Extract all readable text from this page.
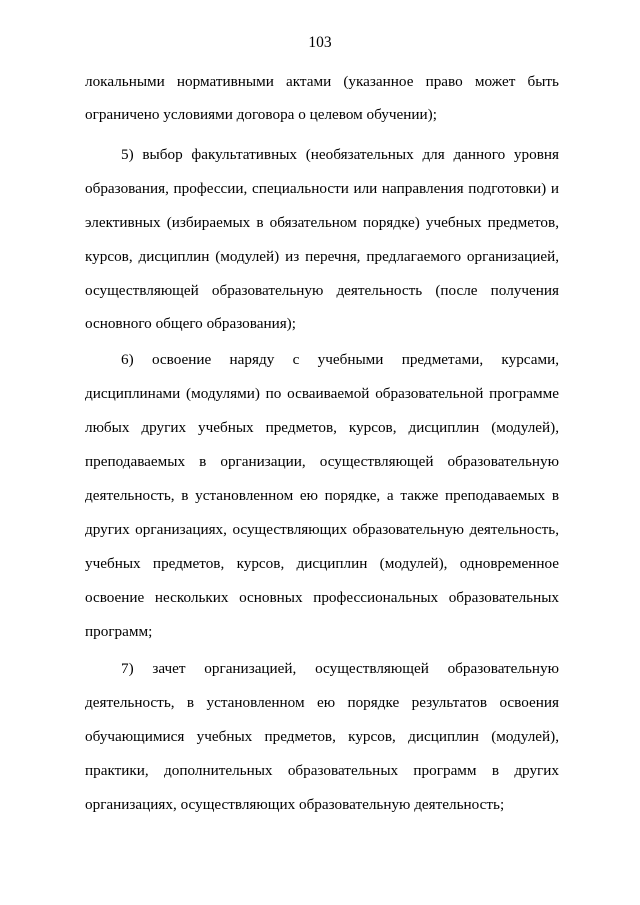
103
локальными нормативными актами (указанное право может быть
ограничено условиями договора о целевом обучении);
5) выбор факультативных (необязательных для данного уровня
образования, профессии, специальности или направления подготовки) и
элективных (избираемых в обязательном порядке) учебных предметов,
курсов, дисциплин (модулей) из перечня, предлагаемого организацией,
осуществляющей образовательную деятельность (после получения
основного общего образования);
6) освоение наряду с учебными предметами, курсами,
дисциплинами (модулями) по осваиваемой образовательной программе
любых других учебных предметов, курсов, дисциплин (модулей),
преподаваемых в организации, осуществляющей образовательную
деятельность, в установленном ею порядке, а также преподаваемых в
других организациях, осуществляющих образовательную деятельность,
учебных предметов, курсов, дисциплин (модулей), одновременное
освоение нескольких основных профессиональных образовательных
программ;
7) зачет организацией, осуществляющей образовательную
деятельность, в установленном ею порядке результатов освоения
обучающимися учебных предметов, курсов, дисциплин (модулей),
практики, дополнительных образовательных программ в других
организациях, осуществляющих образовательную деятельность;
